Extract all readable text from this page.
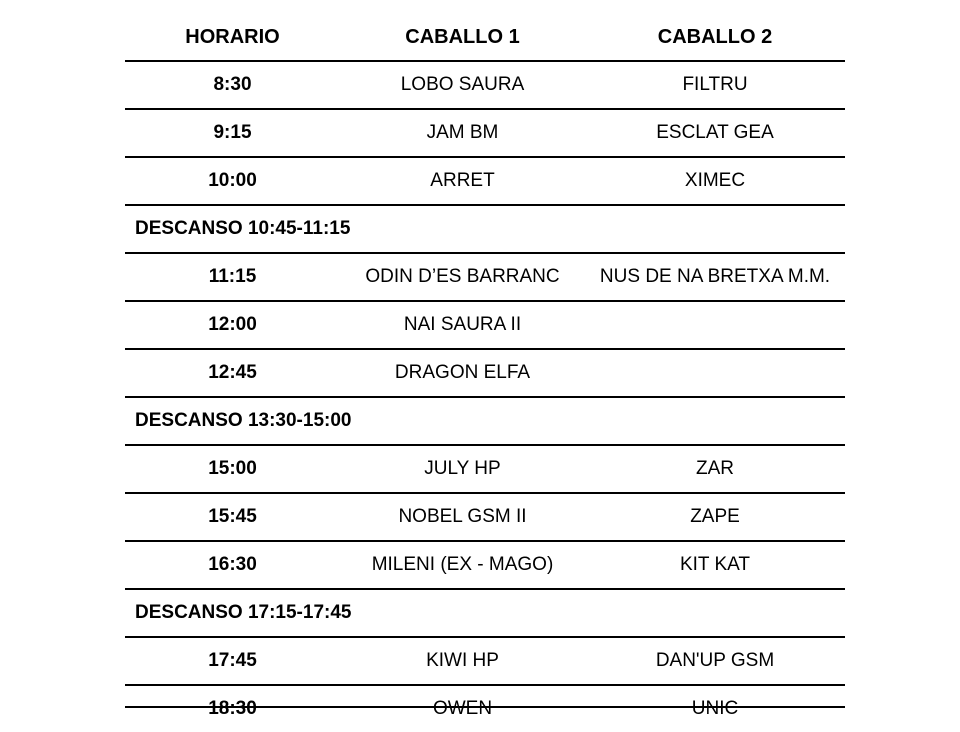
HORARIO	CABALLO 1	CABALLO 2
8:30	LOBO SAURA	FILTRU
9:15	JAM BM	ESCLAT GEA
10:00	ARRET	XIMEC
DESCANSO 10:45-11:15		
11:15	ODIN D’ES BARRANC	NUS DE NA BRETXA M.M.
12:00	NAI SAURA II	
12:45	DRAGON ELFA	
DESCANSO 13:30-15:00		
15:00	JULY HP	ZAR
15:45	NOBEL GSM II	ZAPE
16:30	MILENI (EX - MAGO)	KIT KAT
DESCANSO 17:15-17:45		
17:45	KIWI HP	DAN'UP GSM
18:30	OWEN	UNIC
